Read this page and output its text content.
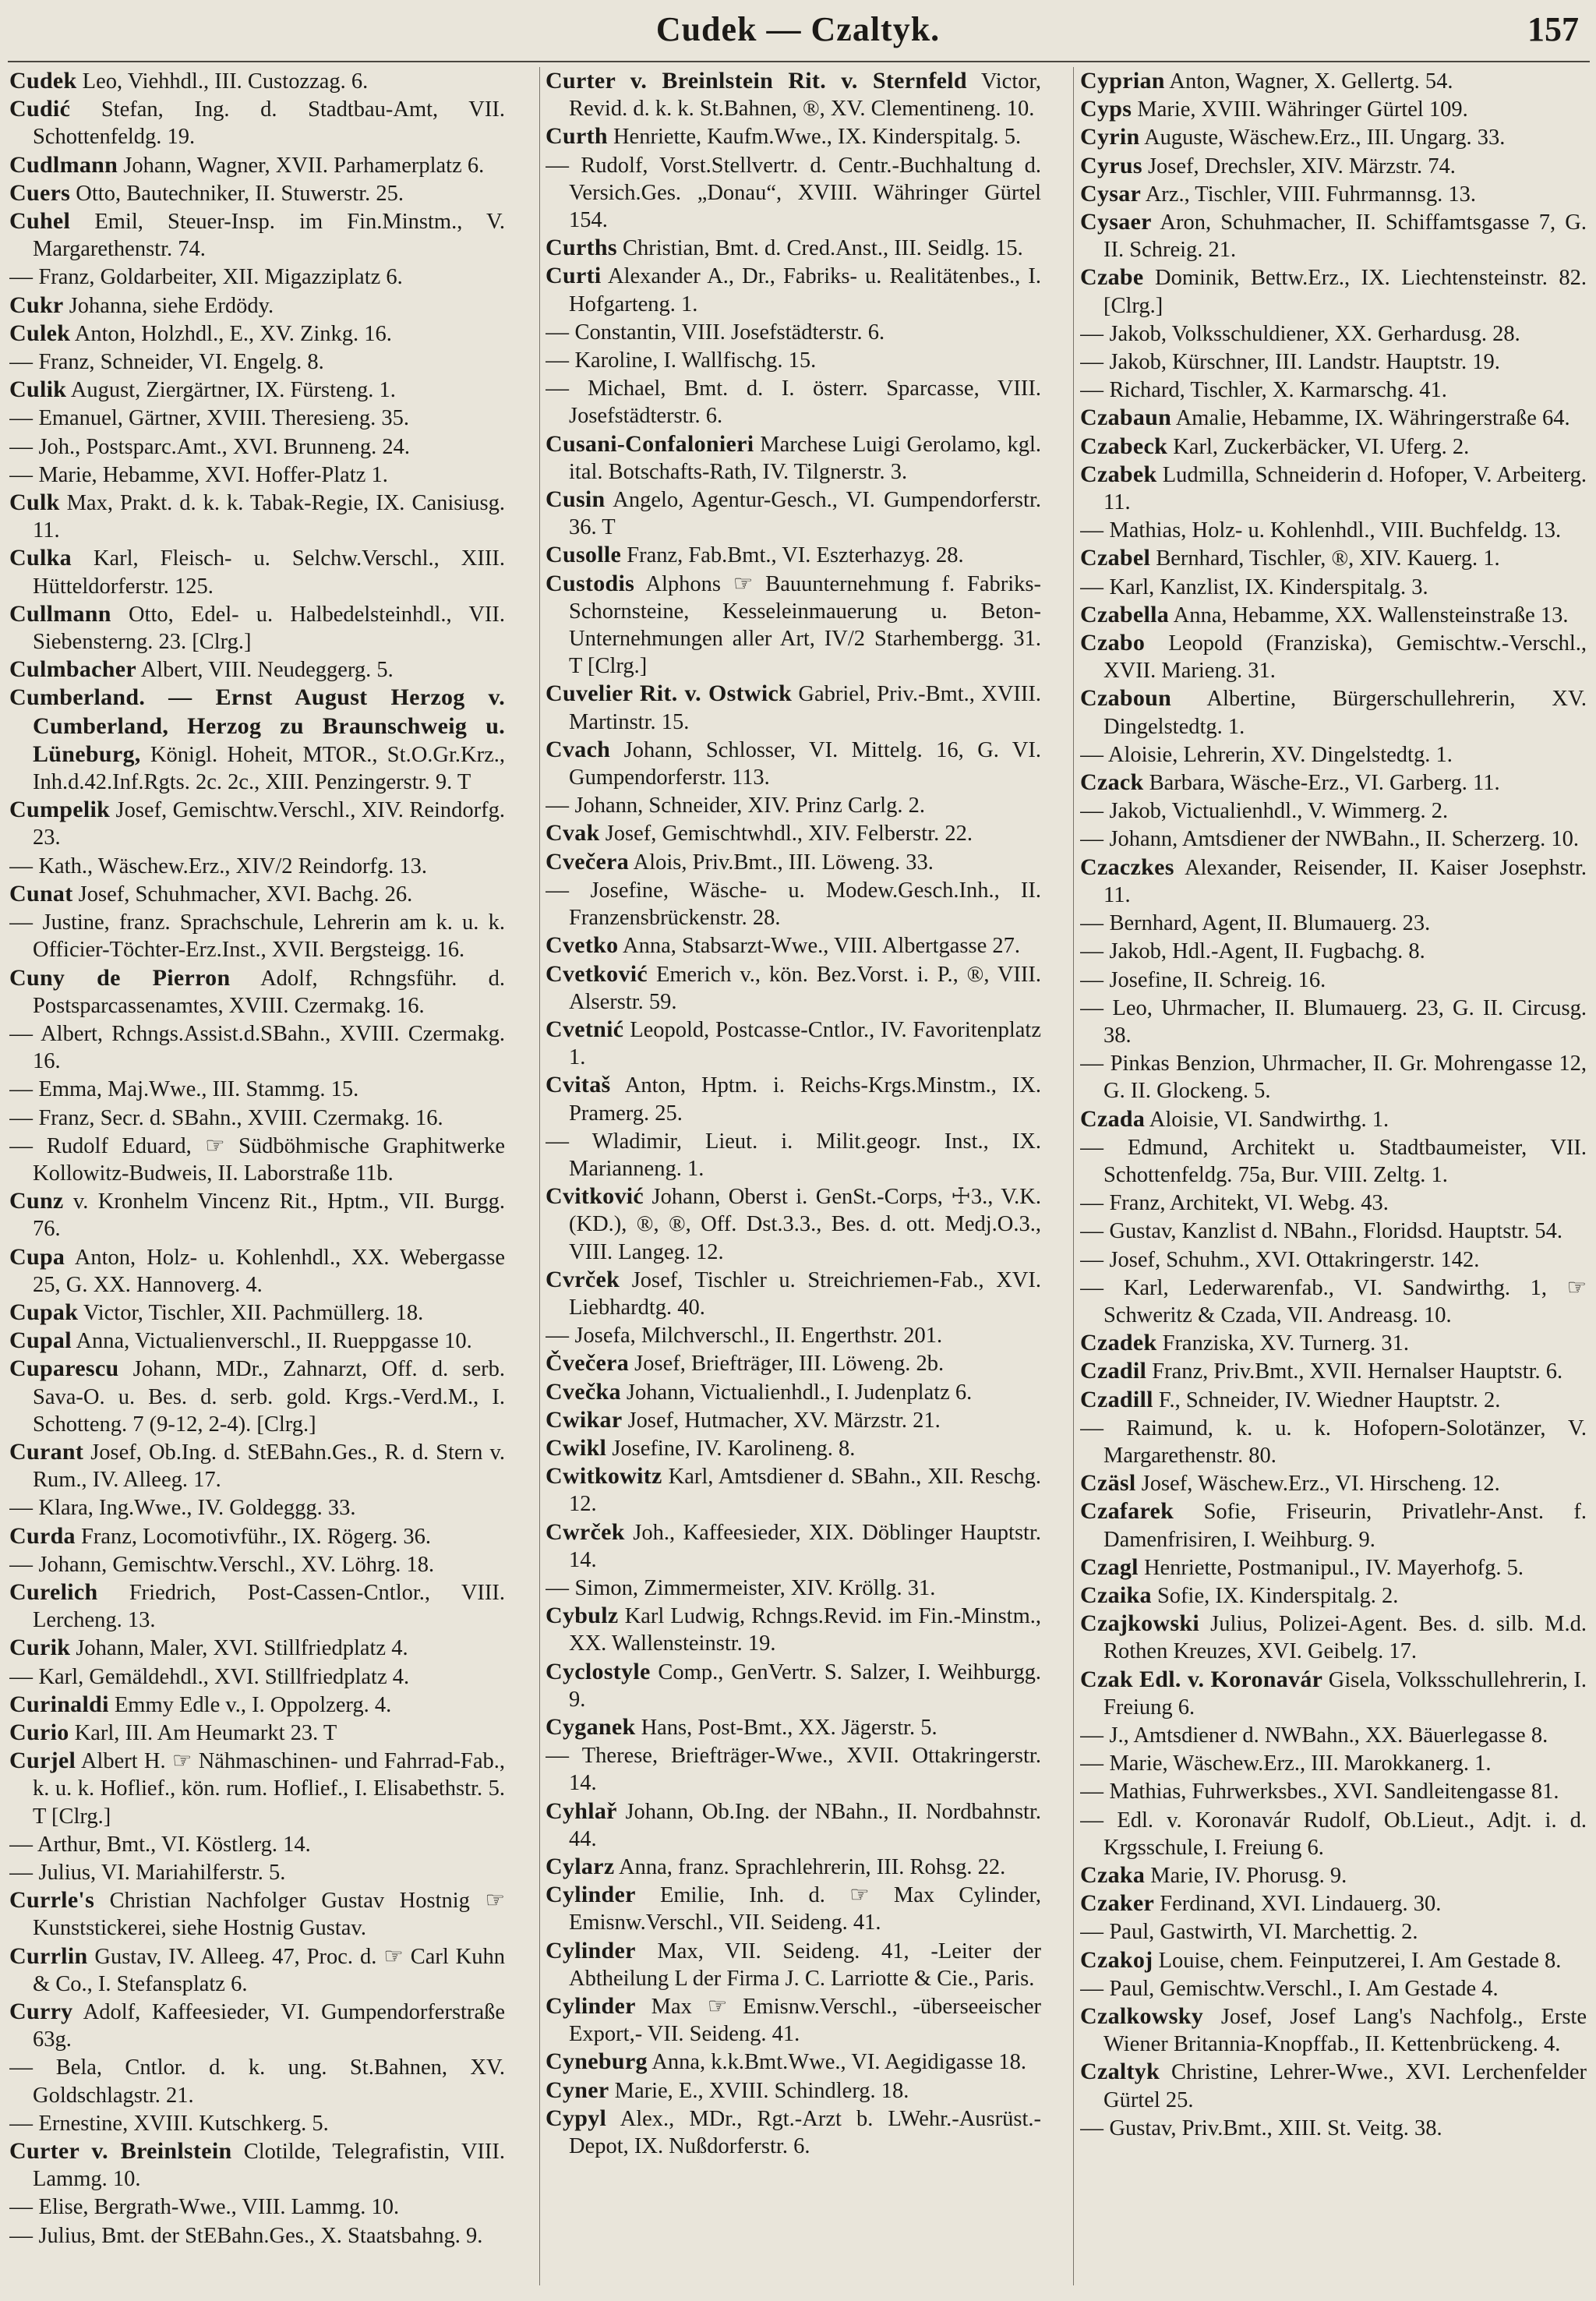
Cudek — Czaltyk.	157
Cudek Leo, Viehhdl., III. Custozzag. 6.
Cudić Stefan, Ing. d. Stadtbau-Amt, VII. Schottenfeldg. 19.
Cudlmann Johann, Wagner, XVII. Parhamerplatz 6.
Cuers Otto, Bautechniker, II. Stuwerstr. 25.
Cuhel Emil, Steuer-Insp. im Fin.Minstm., V. Margarethenstr. 74.
— Franz, Goldarbeiter, XII. Migazziplatz 6.
Cukr Johanna, siehe Erdödy.
Culek Anton, Holzhdl., E., XV. Zinkg. 16.
— Franz, Schneider, VI. Engelg. 8.
Culik August, Ziergärtner, IX. Fürsteng. 1.
— Emanuel, Gärtner, XVIII. Theresieng. 35.
— Joh., Postsparc.Amt., XVI. Brunneng. 24.
— Marie, Hebamme, XVI. Hoffer-Platz 1.
Culk Max, Prakt. d. k. k. Tabak-Regie, IX. Canisiusg. 11.
Culka Karl, Fleisch- u. Selchw.Verschl., XIII. Hütteldorferstr. 125.
Cullmann Otto, Edel- u. Halbedelsteinhdl., VII. Siebensterng. 23. [Clrg.]
Culmbacher Albert, VIII. Neudeggerg. 5.
Cumberland. — Ernst August Herzog v. Cumberland, Herzog zu Braunschweig u. Lüneburg, Königl. Hoheit, MTOR., St.O.Gr.Krz., Inh.d.42.Inf.Rgts. 2c. 2c., XIII. Penzingerstr. 9. T
Cumpelik Josef, Gemischtw.Verschl., XIV. Reindorfg. 23.
— Kath., Wäschew.Erz., XIV/2 Reindorfg. 13.
Cunat Josef, Schuhmacher, XVI. Bachg. 26.
— Justine, franz. Sprachschule, Lehrerin am k. u. k. Officier-Töchter-Erz.Inst., XVII. Bergsteigg. 16.
Cuny de Pierron Adolf, Rchngsführ. d. Postsparcassenamtes, XVIII. Czermakg. 16.
— Albert, Rchngs.Assist.d.SBahn., XVIII. Czermakg. 16.
— Emma, Maj.Wwe., III. Stammg. 15.
— Franz, Secr. d. SBahn., XVIII. Czermakg. 16.
— Rudolf Eduard, ☞ Südböhmische Graphitwerke Kollowitz-Budweis, II. Laborstraße 11b.
Cunz v. Kronhelm Vincenz Rit., Hptm., VII. Burgg. 76.
Cupa Anton, Holz- u. Kohlenhdl., XX. Webergasse 25, G. XX. Hannoverg. 4.
Cupak Victor, Tischler, XII. Pachmüllerg. 18.
Cupal Anna, Victualienverschl., II. Rueppgasse 10.
Cuparescu Johann, MDr., Zahnarzt, Off. d. serb. Sava-O. u. Bes. d. serb. gold. Krgs.-Verd.M., I. Schotteng. 7 (9-12, 2-4). [Clrg.]
Curant Josef, Ob.Ing. d. StEBahn.Ges., R. d. Stern v. Rum., IV. Alleeg. 17.
— Klara, Ing.Wwe., IV. Goldeggg. 33.
Curda Franz, Locomotivführ., IX. Rögerg. 36.
— Johann, Gemischtw.Verschl., XV. Löhrg. 18.
Curelich Friedrich, Post-Cassen-Cntlor., VIII. Lercheng. 13.
Curik Johann, Maler, XVI. Stillfriedplatz 4.
— Karl, Gemäldehdl., XVI. Stillfriedplatz 4.
Curinaldi Emmy Edle v., I. Oppolzerg. 4.
Curio Karl, III. Am Heumarkt 23. T
Curjel Albert H. ☞ Nähmaschinen- und Fahrrad-Fab., k. u. k. Hoflief., kön. rum. Hoflief., I. Elisabethstr. 5. T [Clrg.]
— Arthur, Bmt., VI. Köstlerg. 14.
— Julius, VI. Mariahilferstr. 5.
Currle's Christian Nachfolger Gustav Hostnig ☞ Kunststickerei, siehe Hostnig Gustav.
Currlin Gustav, IV. Alleeg. 47, Proc. d. ☞ Carl Kuhn & Co., I. Stefansplatz 6.
Curry Adolf, Kaffeesieder, VI. Gumpendorferstraße 63g.
— Bela, Cntlor. d. k. ung. St.Bahnen, XV. Goldschlagstr. 21.
— Ernestine, XVIII. Kutschkerg. 5.
Curter v. Breinlstein Clotilde, Telegrafistin, VIII. Lammg. 10.
— Elise, Bergrath-Wwe., VIII. Lammg. 10.
— Julius, Bmt. der StEBahn.Ges., X. Staatsbahng. 9.
Curter v. Breinlstein Rit. v. Sternfeld Victor, Revid. d. k. k. St.Bahnen, ®, XV. Clementineng. 10.
Curth Henriette, Kaufm.Wwe., IX. Kinderspitalg. 5.
— Rudolf, Vorst.Stellvertr. d. Centr.-Buchhaltung d. Versich.Ges. „Donau“, XVIII. Währinger Gürtel 154.
Curths Christian, Bmt. d. Cred.Anst., III. Seidlg. 15.
Curti Alexander A., Dr., Fabriks- u. Realitätenbes., I. Hofgarteng. 1.
— Constantin, VIII. Josefstädterstr. 6.
— Karoline, I. Wallfischg. 15.
— Michael, Bmt. d. I. österr. Sparcasse, VIII. Josefstädterstr. 6.
Cusani-Confalonieri Marchese Luigi Gerolamo, kgl. ital. Botschafts-Rath, IV. Tilgnerstr. 3.
Cusin Angelo, Agentur-Gesch., VI. Gumpendorferstr. 36. T
Cusolle Franz, Fab.Bmt., VI. Eszterhazyg. 28.
Custodis Alphons ☞ Bauunternehmung f. Fabriks-Schornsteine, Kesseleinmauerung u. Beton-Unternehmungen aller Art, IV/2 Starhembergg. 31. T [Clrg.]
Cuvelier Rit. v. Ostwick Gabriel, Priv.-Bmt., XVIII. Martinstr. 15.
Cvach Johann, Schlosser, VI. Mittelg. 16, G. VI. Gumpendorferstr. 113.
— Johann, Schneider, XIV. Prinz Carlg. 2.
Cvak Josef, Gemischtwhdl., XIV. Felberstr. 22.
Cvečera Alois, Priv.Bmt., III. Löweng. 33.
— Josefine, Wäsche- u. Modew.Gesch.Inh., II. Franzensbrückenstr. 28.
Cvetko Anna, Stabsarzt-Wwe., VIII. Albertgasse 27.
Cvetković Emerich v., kön. Bez.Vorst. i. P., ®, VIII. Alserstr. 59.
Cvetnić Leopold, Postcasse-Cntlor., IV. Favoritenplatz 1.
Cvitaš Anton, Hptm. i. Reichs-Krgs.Minstm., IX. Pramerg. 25.
— Wladimir, Lieut. i. Milit.geogr. Inst., IX. Marianneng. 1.
Cvitković Johann, Oberst i. GenSt.-Corps, ☩3., V.K.(KD.), ®, ®, Off. Dst.3.3., Bes. d. ott. Medj.O.3., VIII. Langeg. 12.
Cvrček Josef, Tischler u. Streichriemen-Fab., XVI. Liebhardtg. 40.
— Josefa, Milchverschl., II. Engerthstr. 201.
Čvečera Josef, Briefträger, III. Löweng. 2b.
Cvečka Johann, Victualienhdl., I. Judenplatz 6.
Cwikar Josef, Hutmacher, XV. Märzstr. 21.
Cwikl Josefine, IV. Karolineng. 8.
Cwitkowitz Karl, Amtsdiener d. SBahn., XII. Reschg. 12.
Cwrček Joh., Kaffeesieder, XIX. Döblinger Hauptstr. 14.
— Simon, Zimmermeister, XIV. Kröllg. 31.
Cybulz Karl Ludwig, Rchngs.Revid. im Fin.-Minstm., XX. Wallensteinstr. 19.
Cyclostyle Comp., GenVertr. S. Salzer, I. Weihburgg. 9.
Cyganek Hans, Post-Bmt., XX. Jägerstr. 5.
— Therese, Briefträger-Wwe., XVII. Ottakringerstr. 14.
Cyhlař Johann, Ob.Ing. der NBahn., II. Nordbahnstr. 44.
Cylarz Anna, franz. Sprachlehrerin, III. Rohsg. 22.
Cylinder Emilie, Inh. d. ☞ Max Cylinder, Emisnw.Verschl., VII. Seideng. 41.
Cylinder Max, VII. Seideng. 41, -Leiter der Abtheilung L der Firma J. C. Larriotte & Cie., Paris.
Cylinder Max ☞ Emisnw.Verschl., -überseeischer Export,- VII. Seideng. 41.
Cyneburg Anna, k.k.Bmt.Wwe., VI. Aegidigasse 18.
Cyner Marie, E., XVIII. Schindlerg. 18.
Cypyl Alex., MDr., Rgt.-Arzt b. LWehr.-Ausrüst.-Depot, IX. Nußdorferstr. 6.
Cyprian Anton, Wagner, X. Gellertg. 54.
Cyps Marie, XVIII. Währinger Gürtel 109.
Cyrin Auguste, Wäschew.Erz., III. Ungarg. 33.
Cyrus Josef, Drechsler, XIV. Märzstr. 74.
Cysar Arz., Tischler, VIII. Fuhrmannsg. 13.
Cysaer Aron, Schuhmacher, II. Schiffamtsgasse 7, G. II. Schreig. 21.
Czabe Dominik, Bettw.Erz., IX. Liechtensteinstr. 82. [Clrg.]
— Jakob, Volksschuldiener, XX. Gerhardusg. 28.
— Jakob, Kürschner, III. Landstr. Hauptstr. 19.
— Richard, Tischler, X. Karmarschg. 41.
Czabaun Amalie, Hebamme, IX. Währingerstraße 64.
Czabeck Karl, Zuckerbäcker, VI. Uferg. 2.
Czabek Ludmilla, Schneiderin d. Hofoper, V. Arbeiterg. 11.
— Mathias, Holz- u. Kohlenhdl., VIII. Buchfeldg. 13.
Czabel Bernhard, Tischler, ®, XIV. Kauerg. 1.
— Karl, Kanzlist, IX. Kinderspitalg. 3.
Czabella Anna, Hebamme, XX. Wallensteinstraße 13.
Czabo Leopold (Franziska), Gemischtw.-Verschl., XVII. Marieng. 31.
Czaboun Albertine, Bürgerschullehrerin, XV. Dingelstedtg. 1.
— Aloisie, Lehrerin, XV. Dingelstedtg. 1.
Czack Barbara, Wäsche-Erz., VI. Garberg. 11.
— Jakob, Victualienhdl., V. Wimmerg. 2.
— Johann, Amtsdiener der NWBahn., II. Scherzerg. 10.
Czaczkes Alexander, Reisender, II. Kaiser Josephstr. 11.
— Bernhard, Agent, II. Blumauerg. 23.
— Jakob, Hdl.-Agent, II. Fugbachg. 8.
— Josefine, II. Schreig. 16.
— Leo, Uhrmacher, II. Blumauerg. 23, G. II. Circusg. 38.
— Pinkas Benzion, Uhrmacher, II. Gr. Mohrengasse 12, G. II. Glockeng. 5.
Czada Aloisie, VI. Sandwirthg. 1.
— Edmund, Architekt u. Stadtbaumeister, VII. Schottenfeldg. 75a, Bur. VIII. Zeltg. 1.
— Franz, Architekt, VI. Webg. 43.
— Gustav, Kanzlist d. NBahn., Floridsd. Hauptstr. 54.
— Josef, Schuhm., XVI. Ottakringerstr. 142.
— Karl, Lederwarenfab., VI. Sandwirthg. 1, ☞ Schweritz & Czada, VII. Andreasg. 10.
Czadek Franziska, XV. Turnerg. 31.
Czadil Franz, Priv.Bmt., XVII. Hernalser Hauptstr. 6.
Czadill F., Schneider, IV. Wiedner Hauptstr. 2.
— Raimund, k. u. k. Hofopern-Solotänzer, V. Margarethenstr. 80.
Czäsl Josef, Wäschew.Erz., VI. Hirscheng. 12.
Czafarek Sofie, Friseurin, Privatlehr-Anst. f. Damenfrisiren, I. Weihburg. 9.
Czagl Henriette, Postmanipul., IV. Mayerhofg. 5.
Czaika Sofie, IX. Kinderspitalg. 2.
Czajkowski Julius, Polizei-Agent. Bes. d. silb. M.d. Rothen Kreuzes, XVI. Geibelg. 17.
Czak Edl. v. Koronavár Gisela, Volksschullehrerin, I. Freiung 6.
— J., Amtsdiener d. NWBahn., XX. Bäuerlegasse 8.
— Marie, Wäschew.Erz., III. Marokkanerg. 1.
— Mathias, Fuhrwerksbes., XVI. Sandleitengasse 81.
— Edl. v. Koronavár Rudolf, Ob.Lieut., Adjt. i. d. Krgsschule, I. Freiung 6.
Czaka Marie, IV. Phorusg. 9.
Czaker Ferdinand, XVI. Lindauerg. 30.
— Paul, Gastwirth, VI. Marchettig. 2.
Czakoj Louise, chem. Feinputzerei, I. Am Gestade 8.
— Paul, Gemischtw.Verschl., I. Am Gestade 4.
Czalkowsky Josef, Josef Lang's Nachfolg., Erste Wiener Britannia-Knopffab., II. Kettenbrückeng. 4.
Czaltyk Christine, Lehrer-Wwe., XVI. Lerchenfelder Gürtel 25.
— Gustav, Priv.Bmt., XIII. St. Veitg. 38.
